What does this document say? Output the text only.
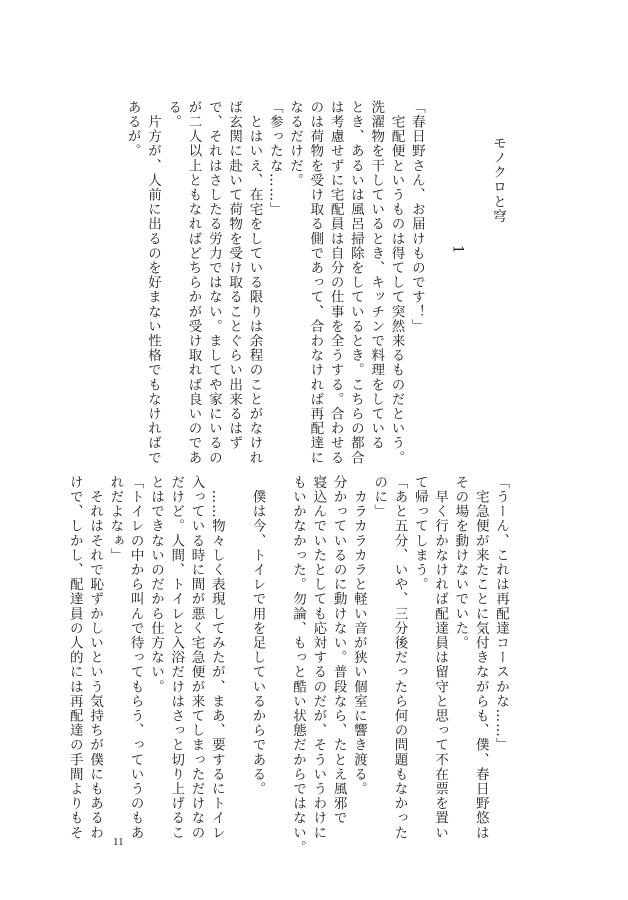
モノクロと穹

1

「春日野さん、お届けものです！」

　宅配便というものは得てして突然来るものだという。

洗濯物を干しているとき、キッチンで料理をしている

とき、あるいは風呂掃除をしているとき。こちらの都合

は考慮せずに宅配員は自分の仕事を全うする。合わせる

のは荷物を受け取る側であって、合わなければ再配達に

なるだけだ。

「参ったな……」

　とはいえ、在宅をしている限りは余程のことがなけれ

ば玄関に赴いて荷物を受け取ることぐらい出来るはず

で、それはさしたる労力ではない。ましてや家にいるの

が二人以上ともなればどちらかが受け取れば良いのであ

る。

　片方が、人前に出るのを好まない性格でもなければで

あるが。

「うーん、これは再配達コースかな……」

　宅急便が来たことに気付きながらも、僕、春日野悠は

その場を動けないでいた。

　早く行かなければ配達員は留守と思って不在票を置い

て帰ってしまう。

「あと五分、いや、三分後だったら何の問題もなかった

のに」

　カラカラカラと軽い音が狭い個室に響き渡る。

分かっているのに動けない。普段なら、たとえ風邪で

寝込んでいたとしても応対するのだが、そういうわけに

もいかなかった。勿論、もっと酷い状態だからではない。

　僕は今、トイレで用を足しているからである。

　……物々しく表現してみたが、まあ、要するにトイレ

入っている時に間が悪く宅急便が来てしまっただけなの

だけど。人間、トイレと入浴だけはさっと切り上げるこ

とはできないのだから仕方ない。

「トイレの中から叫んで待ってもらう、っていうのもあ

れだよなぁ」

　それはそれで恥ずかしいという気持ちが僕にもあるわ

けで、しかし、配達員の人的には再配達の手間よりもそ

11
